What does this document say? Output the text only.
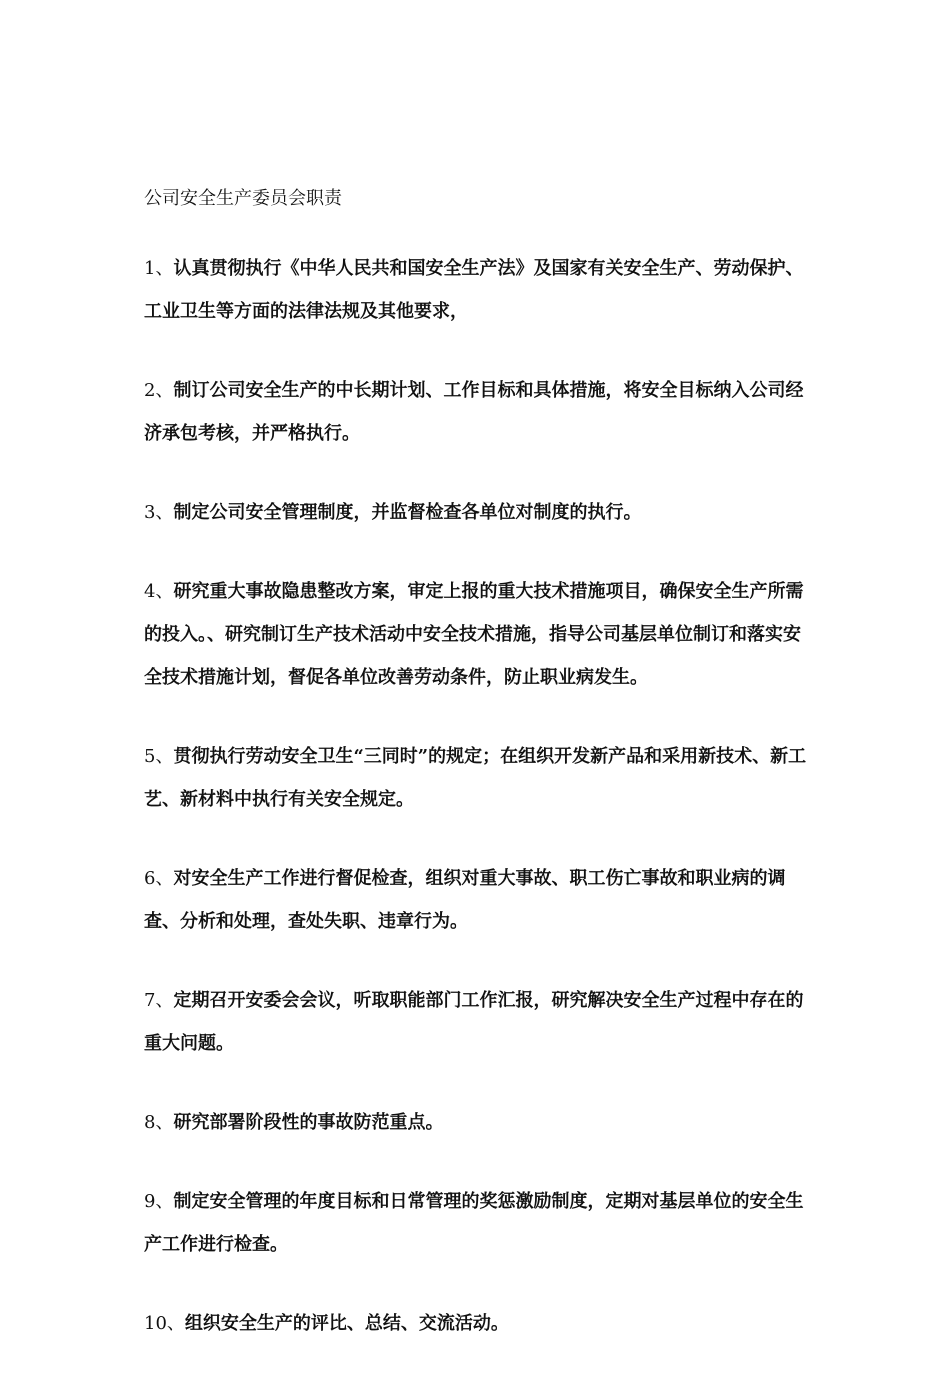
公司安全生产委员会职责

1、认真贯彻执行《中华人民共和国安全生产法》及国家有关安全生产、劳动保护、工业卫生等方面的法律法规及其他要求，

2、制订公司安全生产的中长期计划、工作目标和具体措施，将安全目标纳入公司经济承包考核，并严格执行。

3、制定公司安全管理制度，并监督检查各单位对制度的执行。

4、研究重大事故隐患整改方案，审定上报的重大技术措施项目，确保安全生产所需的投入。、研究制订生产技术活动中安全技术措施，指导公司基层单位制订和落实安全技术措施计划，督促各单位改善劳动条件，防止职业病发生。

5、贯彻执行劳动安全卫生“三同时”的规定；在组织开发新产品和采用新技术、新工艺、新材料中执行有关安全规定。

6、对安全生产工作进行督促检查，组织对重大事故、职工伤亡事故和职业病的调查、分析和处理，查处失职、违章行为。

7、定期召开安委会会议，听取职能部门工作汇报，研究解决安全生产过程中存在的重大问题。

8、研究部署阶段性的事故防范重点。

9、制定安全管理的年度目标和日常管理的奖惩激励制度，定期对基层单位的安全生产工作进行检查。

10、组织安全生产的评比、总结、交流活动。
